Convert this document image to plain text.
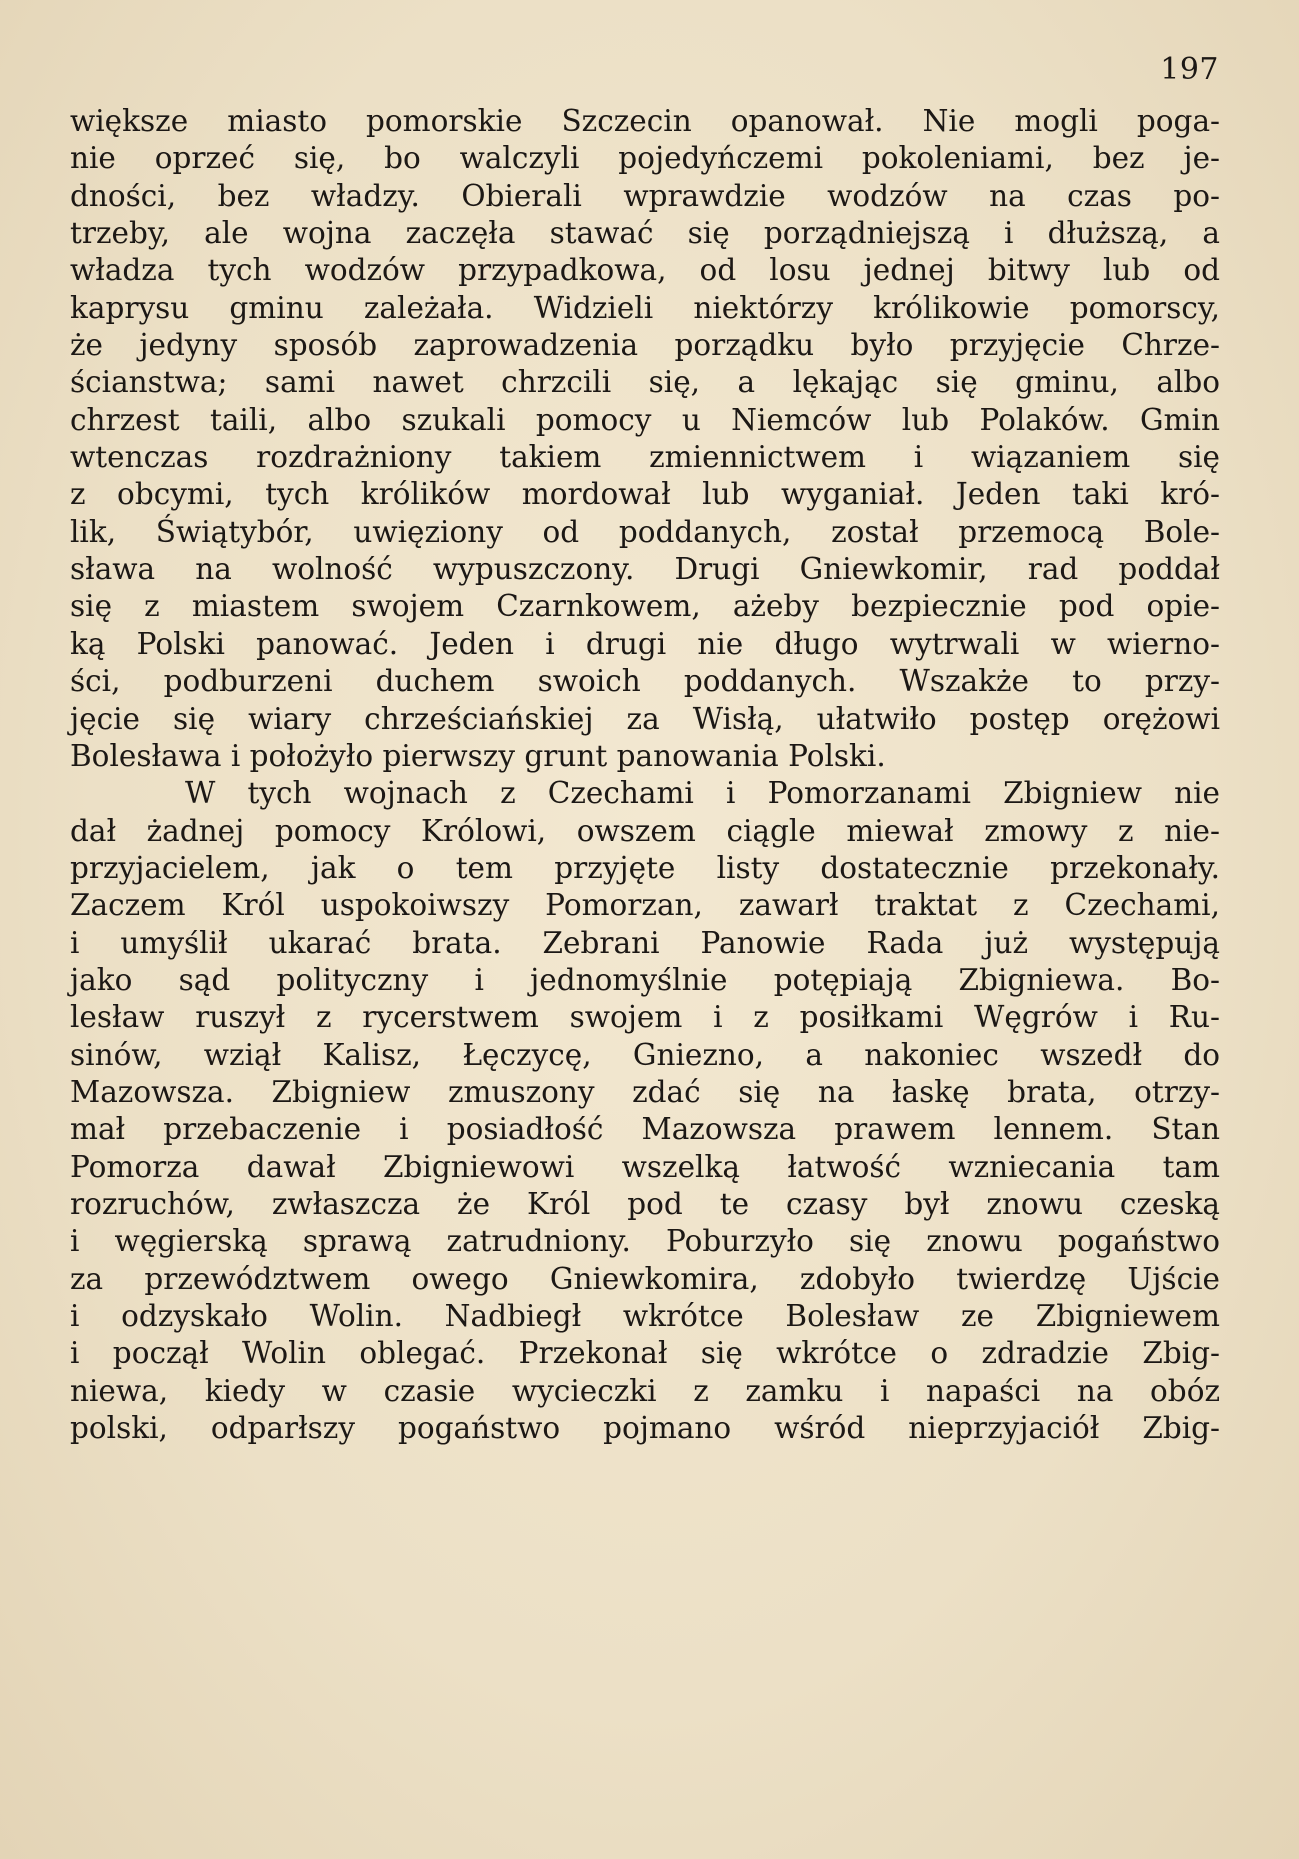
197
większe miasto pomorskie Szczecin opanował. Nie mogli poga-
nie oprzeć się, bo walczyli pojedyńczemi pokoleniami, bez je-
dności, bez władzy. Obierali wprawdzie wodzów na czas po-
trzeby, ale wojna zaczęła stawać się porządniejszą i dłuższą, a
władza tych wodzów przypadkowa, od losu jednej bitwy lub od
kaprysu gminu zależała. Widzieli niektórzy królikowie pomorscy,
że jedyny sposób zaprowadzenia porządku było przyjęcie Chrze-
ścianstwa; sami nawet chrzcili się, a lękając się gminu, albo
chrzest taili, albo szukali pomocy u Niemców lub Polaków. Gmin
wtenczas rozdrażniony takiem zmiennictwem i wiązaniem się
z obcymi, tych królików mordował lub wyganiał. Jeden taki kró-
lik, Świątybór, uwięziony od poddanych, został przemocą Bole-
sława na wolność wypuszczony. Drugi Gniewkomir, rad poddał
się z miastem swojem Czarnkowem, ażeby bezpiecznie pod opie-
ką Polski panować. Jeden i drugi nie długo wytrwali w wierno-
ści, podburzeni duchem swoich poddanych. Wszakże to przy-
jęcie się wiary chrześciańskiej za Wisłą, ułatwiło postęp orężowi
Bolesława i położyło pierwszy grunt panowania Polski.
W tych wojnach z Czechami i Pomorzanami Zbigniew nie
dał żadnej pomocy Królowi, owszem ciągle miewał zmowy z nie-
przyjacielem, jak o tem przyjęte listy dostatecznie przekonały.
Zaczem Król uspokoiwszy Pomorzan, zawarł traktat z Czechami,
i umyślił ukarać brata. Zebrani Panowie Rada już występują
jako sąd polityczny i jednomyślnie potępiają Zbigniewa. Bo-
lesław ruszył z rycerstwem swojem i z posiłkami Węgrów i Ru-
sinów, wziął Kalisz, Łęczycę, Gniezno, a nakoniec wszedł do
Mazowsza. Zbigniew zmuszony zdać się na łaskę brata, otrzy-
mał przebaczenie i posiadłość Mazowsza prawem lennem. Stan
Pomorza dawał Zbigniewowi wszelką łatwość wzniecania tam
rozruchów, zwłaszcza że Król pod te czasy był znowu czeską
i węgierską sprawą zatrudniony. Poburzyło się znowu pogaństwo
za przewództwem owego Gniewkomira, zdobyło twierdzę Ujście
i odzyskało Wolin. Nadbiegł wkrótce Bolesław ze Zbigniewem
i począł Wolin oblegać. Przekonał się wkrótce o zdradzie Zbig-
niewa, kiedy w czasie wycieczki z zamku i napaści na obóz
polski, odparłszy pogaństwo pojmano wśród nieprzyjaciół Zbig-
